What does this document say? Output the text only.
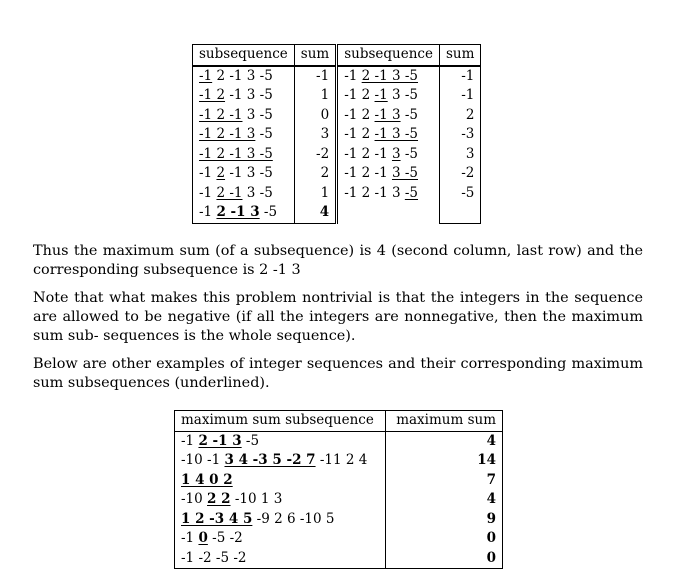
subsequence	sum	subsequence	sum
-1 2 -1 3 -5	-1	-1 2 -1 3 -5	-1
-1 2 -1 3 -5	1	-1 2 -1 3 -5	-1
-1 2 -1 3 -5	0	-1 2 -1 3 -5	2
-1 2 -1 3 -5	3	-1 2 -1 3 -5	-3
-1 2 -1 3 -5	-2	-1 2 -1 3 -5	3
-1 2 -1 3 -5	2	-1 2 -1 3 -5	-2
-1 2 -1 3 -5	1	-1 2 -1 3 -5	-5
-1 2 -1 3 -5	4		

Thus the maximum sum (of a subsequence) is 4 (second column, last row) and the corresponding subsequence is 2 -1 3

Note that what makes this problem nontrivial is that the integers in the sequence are allowed to be negative (if all the integers are nonnegative, then the maximum sum sub- sequences is the whole sequence).

Below are other examples of integer sequences and their corresponding maximum sum subsequences (underlined).

maximum sum subsequence	maximum sum
-1 2 -1 3 -5	4
-10 -1 3 4 -3 5 -2 7 -11 2 4	14
1 4 0 2	7
-10 2 2 -10 1 3	4
1 2 -3 4 5 -9 2 6 -10 5	9
-1 0 -5 -2	0
-1 -2 -5 -2	0
